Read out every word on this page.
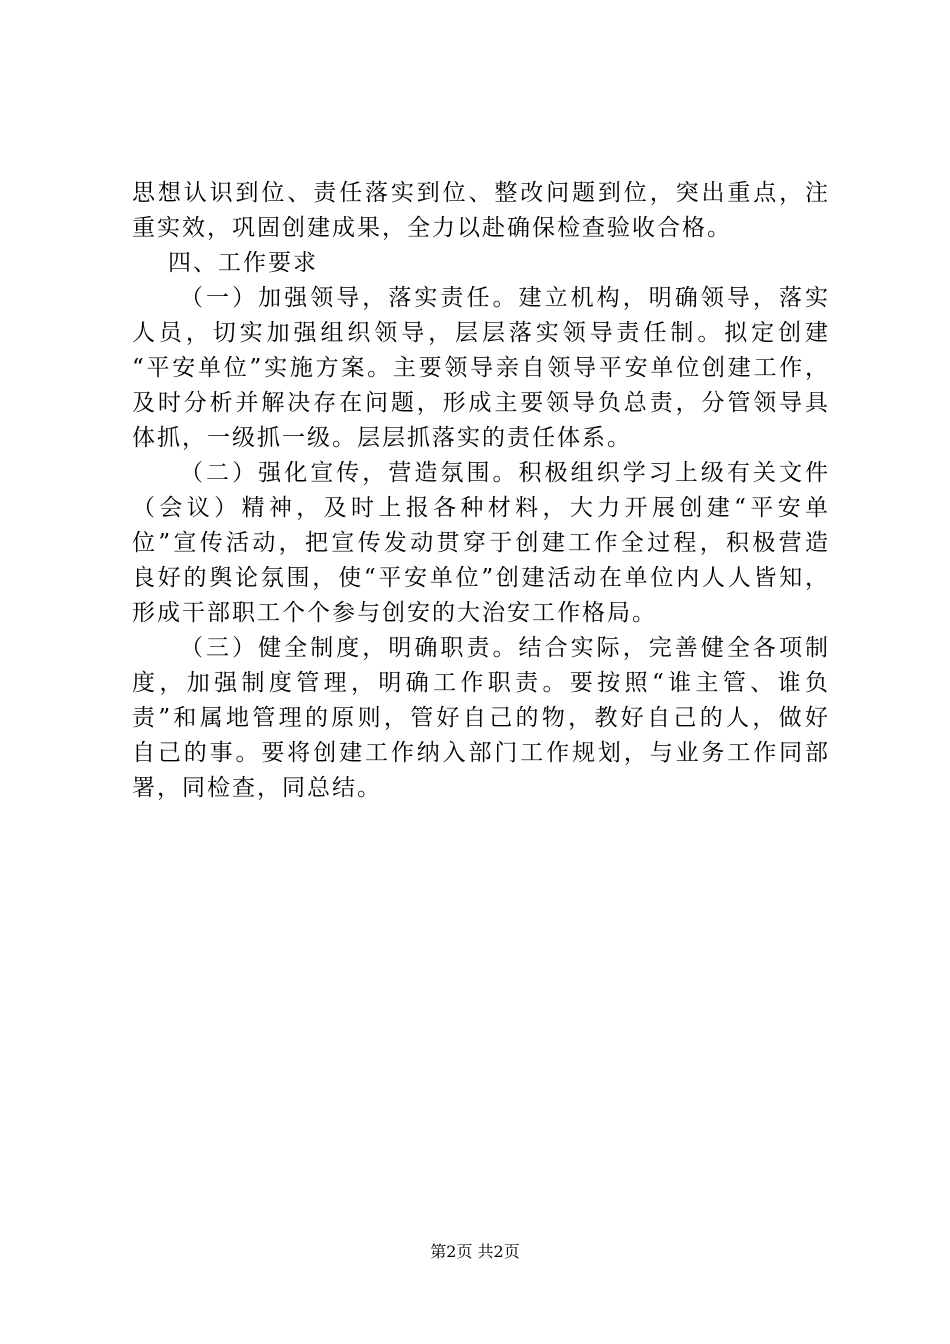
思想认识到位、责任落实到位、整改问题到位，突出重点，注
重实效，巩固创建成果，全力以赴确保检查验收合格。
四、工作要求
（一）加强领导，落实责任。建立机构，明确领导，落实
人员，切实加强组织领导，层层落实领导责任制。拟定创建
“平安单位”实施方案。主要领导亲自领导平安单位创建工作，
及时分析并解决存在问题，形成主要领导负总责，分管领导具
体抓，一级抓一级。层层抓落实的责任体系。
（二）强化宣传，营造氛围。积极组织学习上级有关文件
（会议）精神，及时上报各种材料，大力开展创建“平安单
位”宣传活动，把宣传发动贯穿于创建工作全过程，积极营造
良好的舆论氛围，使“平安单位”创建活动在单位内人人皆知，
形成干部职工个个参与创安的大治安工作格局。
（三）健全制度，明确职责。结合实际，完善健全各项制
度，加强制度管理，明确工作职责。要按照“谁主管、谁负
责”和属地管理的原则，管好自己的物，教好自己的人，做好
自己的事。要将创建工作纳入部门工作规划，与业务工作同部
署，同检查，同总结。
第2页 共2页
